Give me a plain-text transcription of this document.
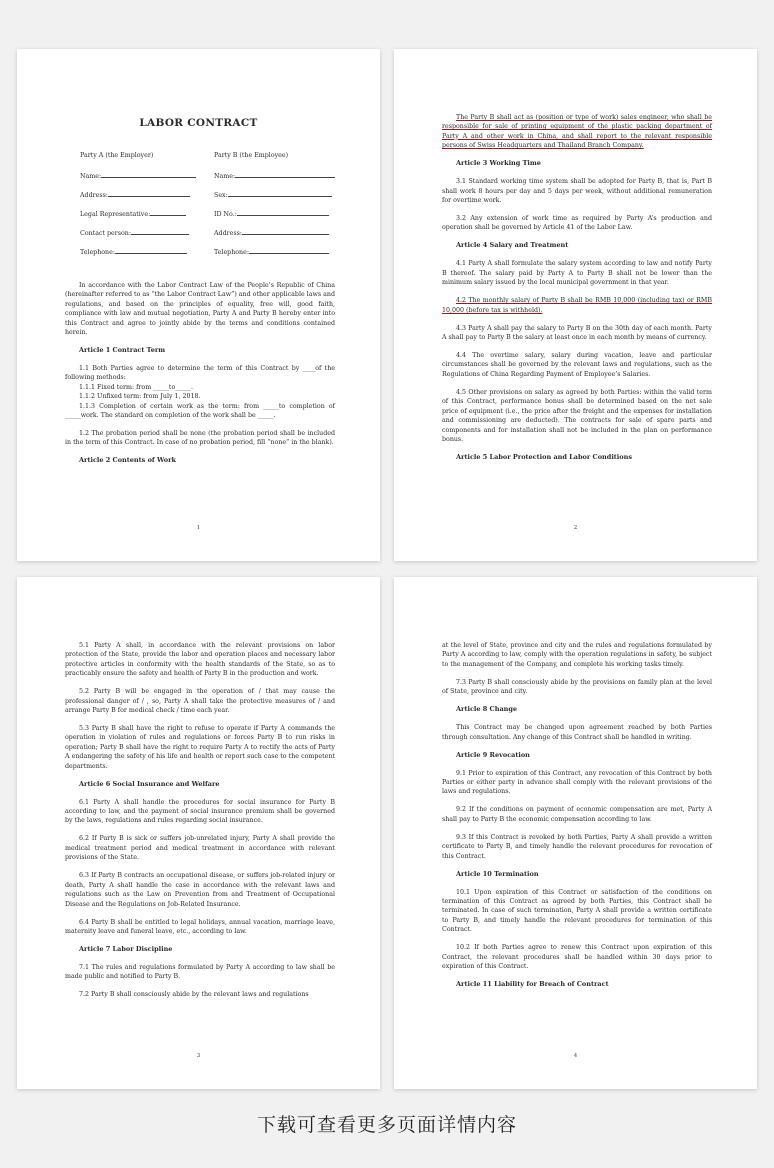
LABOR CONTRACT
Party A (the Employer)	Party B (the Employee)
Name:
Address:
Legal Representative:
Contact person:
Telephone:
Name:
Sex:
ID No.:
Address:
Telephone:

In accordance with the Labor Contract Law of the People’s Republic of China (hereinafter referred to as “the Labor Contract Law”) and other applicable laws and regulations, and based on the principles of equality, free will, good faith, compliance with law and mutual negotiation, Party A and Party B hereby enter into this Contract and agree to jointly abide by the terms and conditions contained herein.

Article 1 Contract Term

1.1 Both Parties agree to determine the term of this Contract by ____of the following methods:

1.1.1 Fixed term: from _____to_____.
1.1.2 Unfixed term: from July 1, 2018.

1.1.3 Completion of certain work as the term: from _____to completion of _____work. The standard on completion of the work shall be _____.

1.2 The probation period shall be none (the probation period shall be included in the term of this Contract. In case of no probation period, fill “none” in the blank).

Article 2 Contents of Work
1

The Party B shall act as (position or type of work) sales engineer, who shall be responsible for sale of printing equipment of the plastic packing department of Party A and other work in China, and shall report to the relevant responsible persons of Swiss Headquarters and Thailand Branch Company.

Article 3 Working Time

3.1 Standard working time system shall be adopted for Party B, that is, Part B shall work 8 hours per day and 5 days per week, without additional remuneration for overtime work.

3.2 Any extension of work time as required by Party A’s production and operation shall be governed by Article 41 of the Labor Law.

Article 4 Salary and Treatment

4.1 Party A shall formulate the salary system according to law and notify Party B thereof. The salary paid by Party A to Party B shall not be lower than the minimum salary issued by the local municipal government in that year.

4.2 The monthly salary of Party B shall be RMB 10,000 (including tax) or RMB 10,000 (before tax is withheld).

4.3 Party A shall pay the salary to Party B on the 30th day of each month. Party A shall pay to Party B the salary at least once in each month by means of currency.

4.4 The overtime salary, salary during vacation, leave and particular circumstances shall be governed by the relevant laws and regulations, such as the Regulations of China Regarding Payment of Employee’s Salaries.

4.5 Other provisions on salary as agreed by both Parties: within the valid term of this Contract, performance bonus shall be determined based on the net sale price of equipment (i.e., the price after the freight and the expenses for installation and commissioning are deducted). The contracts for sale of spare parts and components and for installation shall not be included in the plan on performance bonus.

Article 5 Labor Protection and Labor Conditions
2

5.1 Party A shall, in accordance with the relevant provisions on labor protection of the State, provide the labor and operation places and necessary labor protective articles in conformity with the health standards of the State, so as to practicably ensure the safety and health of Party B in the production and work.

5.2 Party B will be engaged in the operation of / that may cause the professional danger of / , so, Party A shall take the protective measures of / and arrange Party B for medical check / time each year.

5.3 Party B shall have the right to refuse to operate if Party A commands the operation in violation of rules and regulations or forces Party B to run risks in operation; Party B shall have the right to require Party A to rectify the acts of Party A endangering the safety of his life and health or report such case to the competent departments.

Article 6 Social Insurance and Welfare

6.1 Party A shall handle the procedures for social insurance for Party B according to law, and the payment of social insurance premium shall be governed by the laws, regulations and rules regarding social insurance.

6.2 If Party B is sick or suffers job-unrelated injury, Party A shall provide the medical treatment period and medical treatment in accordance with relevant provisions of the State.

6.3 If Party B contracts an occupational disease, or suffers job-related injury or death, Party A shall handle the case in accordance with the relevant laws and regulations such as the Law on Prevention from and Treatment of Occupational Disease and the Regulations on Job-Related Insurance.

6.4 Party B shall be entitled to legal holidays, annual vacation, marriage leave, maternity leave and funeral leave, etc., according to law.

Article 7 Labor Discipline

7.1 The rules and regulations formulated by Party A according to law shall be made public and notified to Party B.

7.2 Party B shall consciously abide by the relevant laws and regulations

3

at the level of State, province and city and the rules and regulations formulated by Party A according to law, comply with the operation regulations in safety, be subject to the management of the Company, and complete his working tasks timely.

7.3 Party B shall consciously abide by the provisions on family plan at the level of State, province and city.

Article 8 Change

This Contract may be changed upon agreement reached by both Parties through consultation. Any change of this Contract shall be handled in writing.

Article 9 Revocation

9.1 Prior to expiration of this Contract, any revocation of this Contract by both Parties or either party in advance shall comply with the relevant provisions of the laws and regulations.

9.2 If the conditions on payment of economic compensation are met, Party A shall pay to Party B the economic compensation according to law.

9.3 If this Contract is revoked by both Parties, Party A shall provide a written certificate to Party B, and timely handle the relevant procedures for revocation of this Contract.

Article 10 Termination

10.1 Upon expiration of this Contract or satisfaction of the conditions on termination of this Contract as agreed by both Parties, this Contract shall be terminated. In case of such termination, Party A shall provide a written certificate to Party B, and timely handle the relevant procedures for termination of this Contract.

10.2 If both Parties agree to renew this Contract upon expiration of this Contract, the relevant procedures shall be handled within 30 days prior to expiration of this Contract.

Article 11 Liability for Breach of Contract
4
下载可查看更多页面详情内容
